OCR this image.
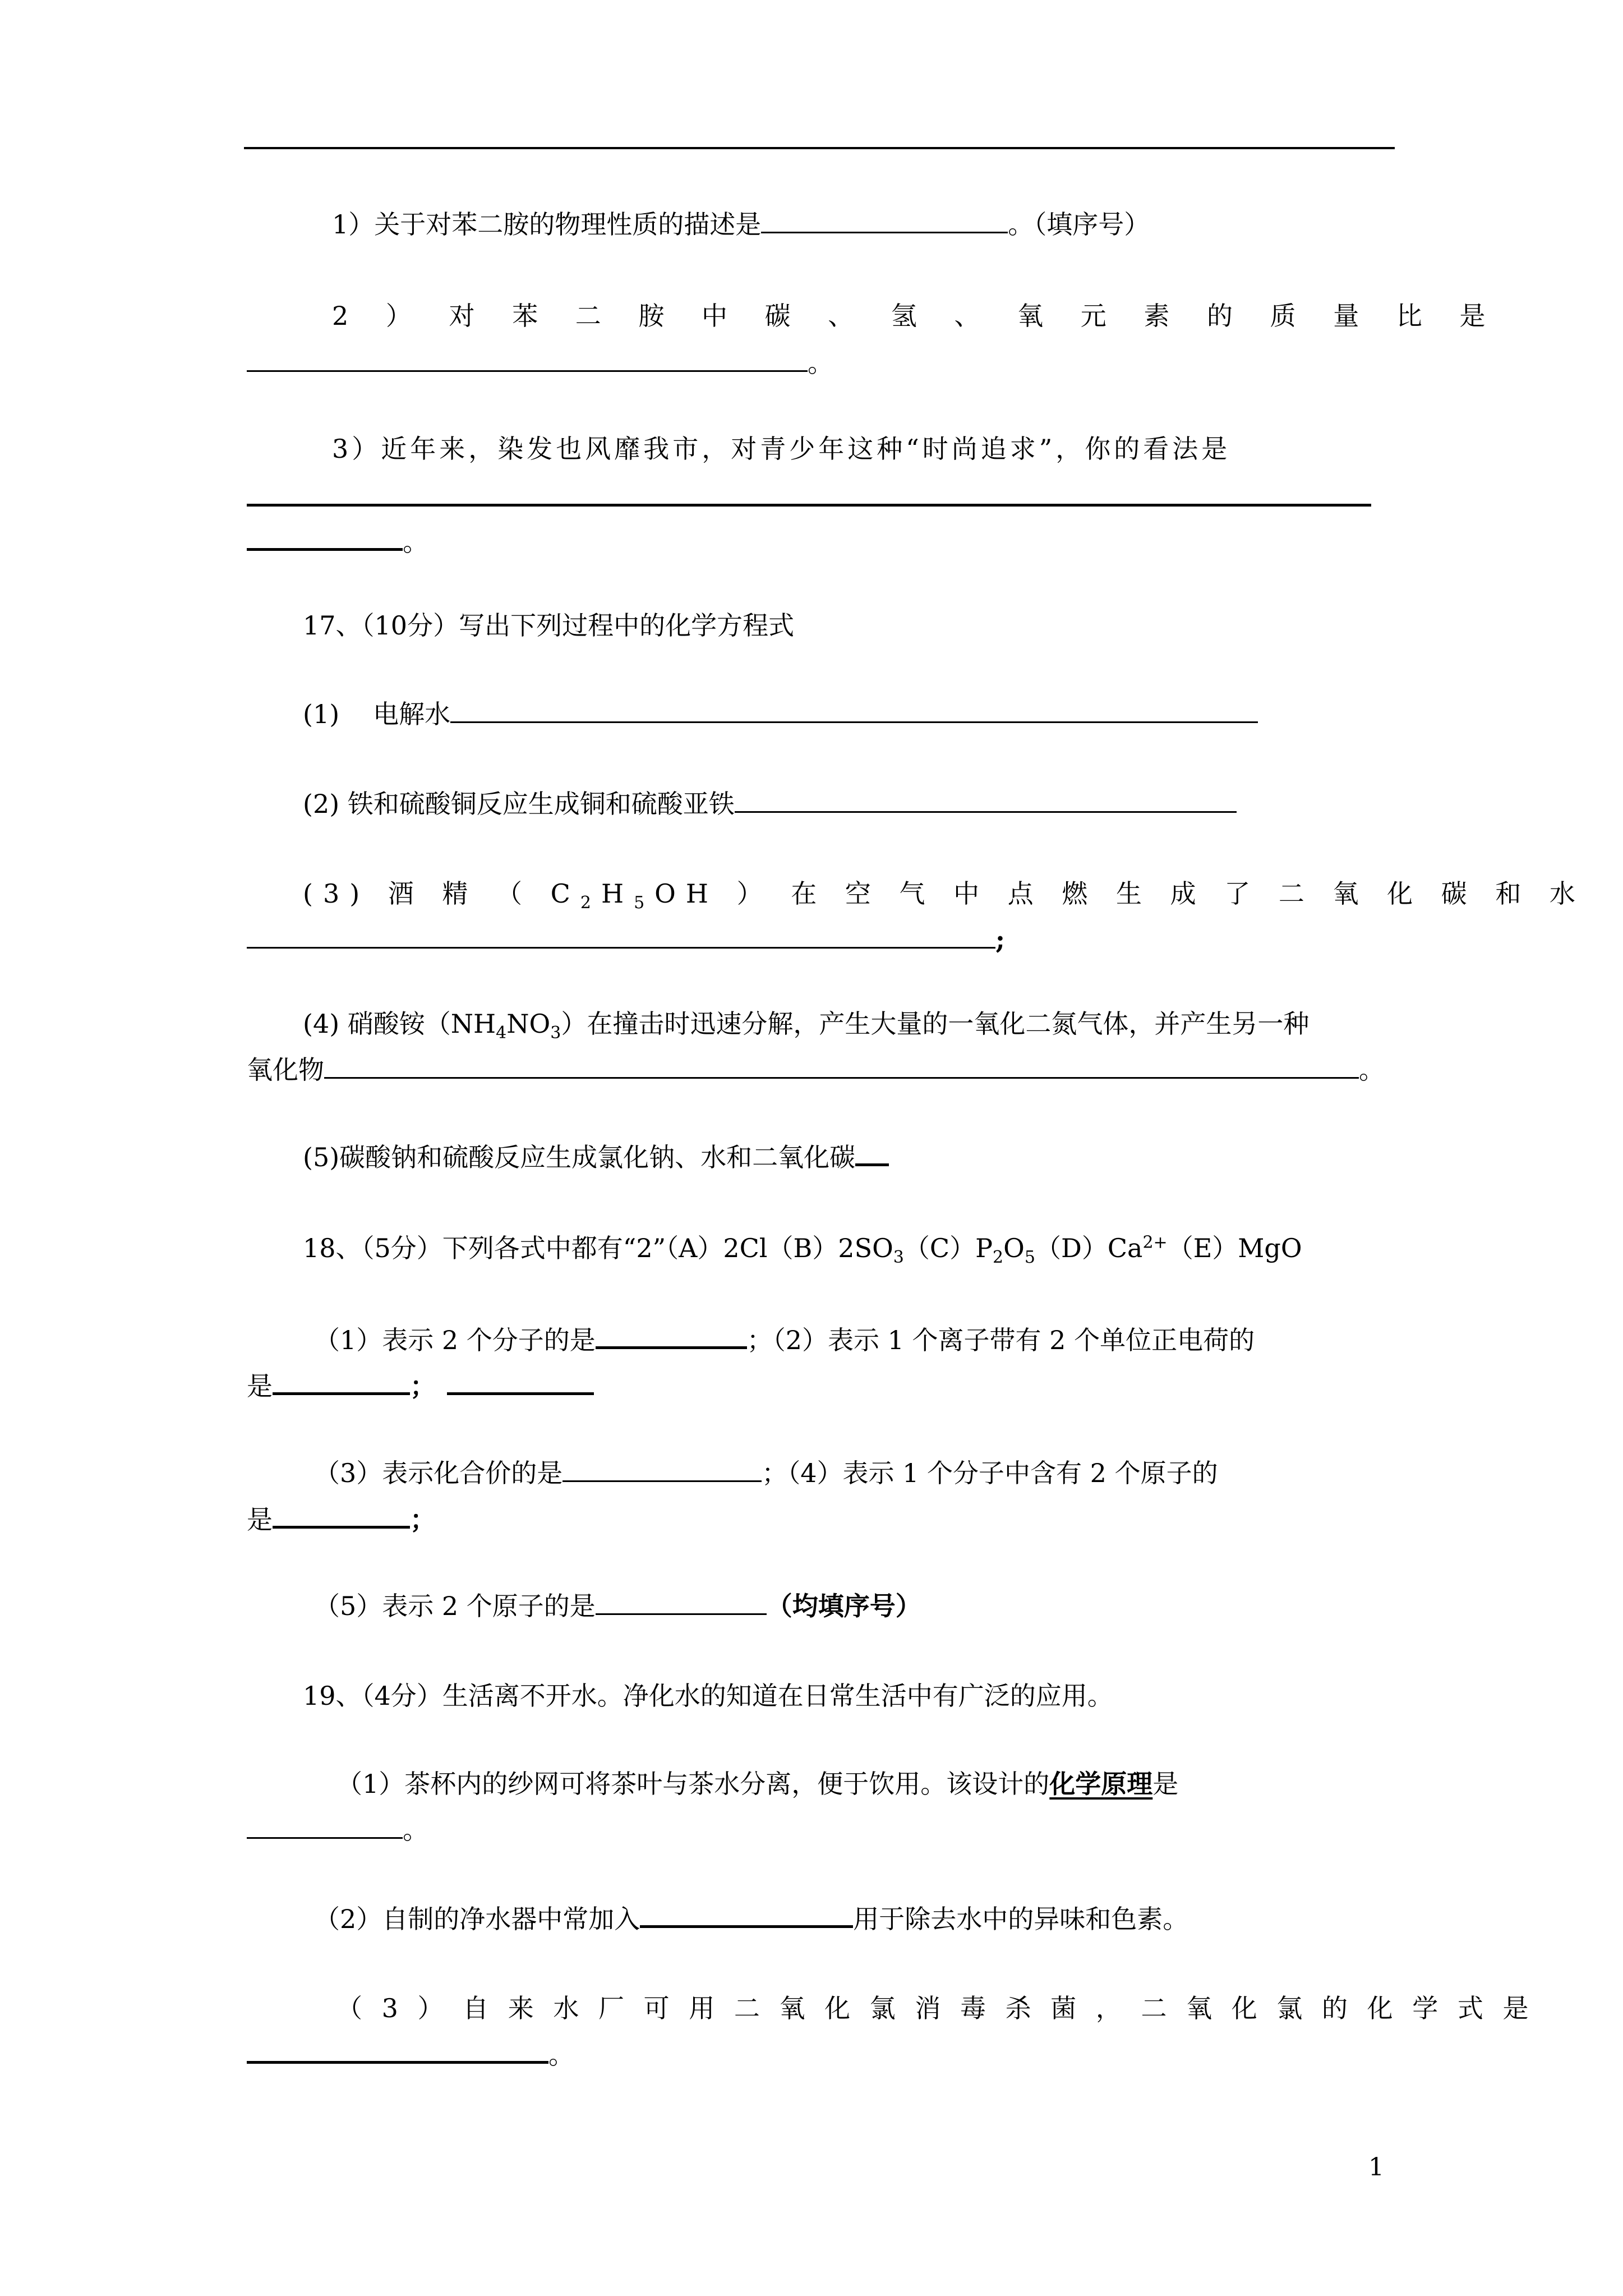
1）关于对苯二胺的物理性质的描述是	。（填序号）
2 ） 对 苯 二 胺 中 碳 、 氢 、 氧 元 素 的 质 量 比 是
。
3）近年来，染发也风靡我市，对青少年这种“时尚追求”，你的看法是
。
17、（10分）写出下列过程中的化学方程式
(1) 电解水
(2) 铁和硫酸铜反应生成铜和硫酸亚铁
(3) 酒 精 （ $C_2H_5OH$ ） 在 空 气 中 点 燃 生 成 了 二 氧 化 碳 和 水
;
(4) 硝酸铵$(NH_4NO_3)$在撞击时迅速分解，产生大量的一氧化二氮气体，并产生另一种
氧化物	。
(5)碳酸钠和硫酸反应生成氯化钠、水和二氧化碳
18、（5分）下列各式中都有“$2”(A)2Cl(B)2SO_3(C)P_2O_5(D)Ca^{2+}(E)MgO$
（1）表示 2 个分子的是	；（2）表示 1 个离子带有 2 个单位正电荷的
是	；
（3）表示化合价的是	；（4）表示 1 个分子中含有 2 个原子的
是	；
（5）表示 2 个原子的是	（均填序号）
19、（4分）生活离不开水。净化水的知道在日常生活中有广泛的应用。
（1）茶杯内的纱网可将茶叶与茶水分离，便于饮用。该设计的化学原理是
。
（2）自制的净水器中常加入	用于除去水中的异味和色素。
（ 3 ） 自 来 水 厂 可 用 二 氧 化 氯 消 毒 杀 菌 ， 二 氧 化 氯 的 化 学 式 是
。
1
